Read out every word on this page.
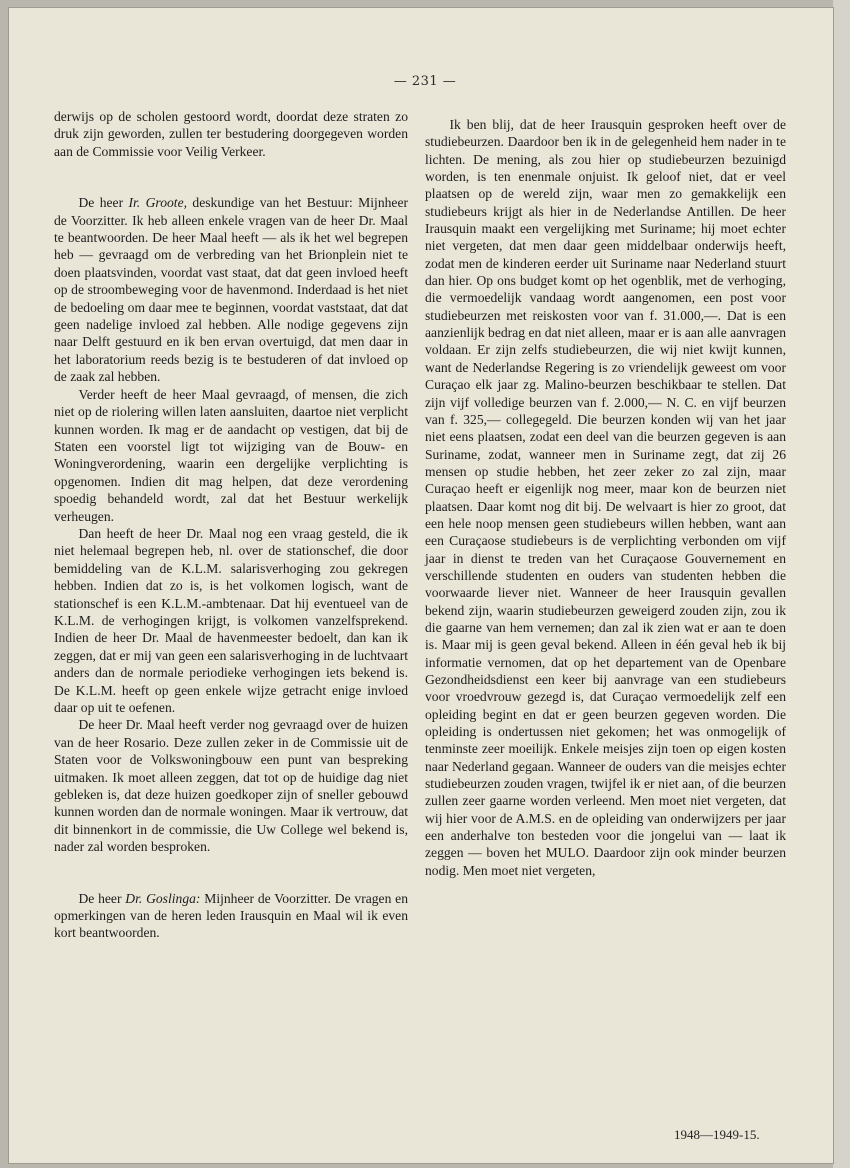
— 231 —

derwijs op de scholen gestoord wordt, doordat deze straten zo druk zijn geworden, zullen ter bestudering doorgegeven worden aan de Commissie voor Veilig Verkeer.

De heer Ir. Groote, deskundige van het Bestuur: Mijnheer de Voorzitter. Ik heb alleen enkele vragen van de heer Dr. Maal te beantwoorden. De heer Maal heeft — als ik het wel begrepen heb — gevraagd om de verbreding van het Brionplein niet te doen plaatsvinden, voordat vast staat, dat dat geen invloed heeft op de stroombeweging voor de havenmond. Inderdaad is het niet de bedoeling om daar mee te beginnen, voordat vaststaat, dat dat geen nadelige invloed zal hebben. Alle nodige gegevens zijn naar Delft gestuurd en ik ben ervan overtuigd, dat men daar in het laboratorium reeds bezig is te bestuderen of dat invloed op de zaak zal hebben.

Verder heeft de heer Maal gevraagd, of mensen, die zich niet op de riolering willen laten aansluiten, daartoe niet verplicht kunnen worden. Ik mag er de aandacht op vestigen, dat bij de Staten een voorstel ligt tot wijziging van de Bouw- en Woningverordening, waarin een dergelijke verplichting is opgenomen. Indien dit mag helpen, dat deze verordening spoedig behandeld wordt, zal dat het Bestuur werkelijk verheugen.

Dan heeft de heer Dr. Maal nog een vraag gesteld, die ik niet helemaal begrepen heb, nl. over de stationschef, die door bemiddeling van de K.L.M. salarisverhoging zou gekregen hebben. Indien dat zo is, is het volkomen logisch, want de stationschef is een K.L.M.-ambtenaar. Dat hij eventueel van de K.L.M. de verhogingen krijgt, is volkomen vanzelfsprekend. Indien de heer Dr. Maal de havenmeester bedoelt, dan kan ik zeggen, dat er mij van geen een salarisverhoging in de luchtvaart anders dan de normale periodieke verhogingen iets bekend is. De K.L.M. heeft op geen enkele wijze getracht enige invloed daar op uit te oefenen.

De heer Dr. Maal heeft verder nog gevraagd over de huizen van de heer Rosario. Deze zullen zeker in de Commissie uit de Staten voor de Volkswoningbouw een punt van bespreking uitmaken. Ik moet alleen zeggen, dat tot op de huidige dag niet gebleken is, dat deze huizen goedkoper zijn of sneller gebouwd kunnen worden dan de normale woningen. Maar ik vertrouw, dat dit binnenkort in de commissie, die Uw College wel bekend is, nader zal worden besproken.

De heer Dr. Goslinga: Mijnheer de Voorzitter. De vragen en opmerkingen van de heren leden Irausquin en Maal wil ik even kort beantwoorden.

Ik ben blij, dat de heer Irausquin gesproken heeft over de studiebeurzen. Daardoor ben ik in de gelegenheid hem nader in te lichten. De mening, als zou hier op studiebeurzen bezuinigd worden, is ten enenmale onjuist. Ik geloof niet, dat er veel plaatsen op de wereld zijn, waar men zo gemakkelijk een studiebeurs krijgt als hier in de Nederlandse Antillen. De heer Irausquin maakt een vergelijking met Suriname; hij moet echter niet vergeten, dat men daar geen middelbaar onderwijs heeft, zodat men de kinderen eerder uit Suriname naar Nederland stuurt dan hier. Op ons budget komt op het ogenblik, met de verhoging, die vermoedelijk vandaag wordt aangenomen, een post voor studiebeurzen met reiskosten voor van f. 31.000,—. Dat is een aanzienlijk bedrag en dat niet alleen, maar er is aan alle aanvragen voldaan. Er zijn zelfs studiebeurzen, die wij niet kwijt kunnen, want de Nederlandse Regering is zo vriendelijk geweest om voor Curaçao elk jaar zg. Malino-beurzen beschikbaar te stellen. Dat zijn vijf volledige beurzen van f. 2.000,— N. C. en vijf beurzen van f. 325,— collegegeld. Die beurzen konden wij van het jaar niet eens plaatsen, zodat een deel van die beurzen gegeven is aan Suriname, zodat, wanneer men in Suriname zegt, dat zij 26 mensen op studie hebben, het zeer zeker zo zal zijn, maar Curaçao heeft er eigenlijk nog meer, maar kon de beurzen niet plaatsen. Daar komt nog dit bij. De welvaart is hier zo groot, dat een hele noop mensen geen studiebeurs willen hebben, want aan een Curaçaose studiebeurs is de verplichting verbonden om vijf jaar in dienst te treden van het Curaçaose Gouvernement en verschillende studenten en ouders van studenten hebben die voorwaarde liever niet. Wanneer de heer Irausquin gevallen bekend zijn, waarin studiebeurzen geweigerd zouden zijn, zou ik die gaarne van hem vernemen; dan zal ik zien wat er aan te doen is. Maar mij is geen geval bekend. Alleen in één geval heb ik bij informatie vernomen, dat op het departement van de Openbare Gezondheidsdienst een keer bij aanvrage van een studiebeurs voor vroedvrouw gezegd is, dat Curaçao vermoedelijk zelf een opleiding begint en dat er geen beurzen gegeven worden. Die opleiding is ondertussen niet gekomen; het was onmogelijk of tenminste zeer moeilijk. Enkele meisjes zijn toen op eigen kosten naar Nederland gegaan. Wanneer de ouders van die meisjes echter studiebeurzen zouden vragen, twijfel ik er niet aan, of die beurzen zullen zeer gaarne worden verleend. Men moet niet vergeten, dat wij hier voor de A.M.S. en de opleiding van onderwijzers per jaar een anderhalve ton besteden voor die jongelui van — laat ik zeggen — boven het MULO. Daardoor zijn ook minder beurzen nodig. Men moet niet vergeten,

1948—1949-15.
